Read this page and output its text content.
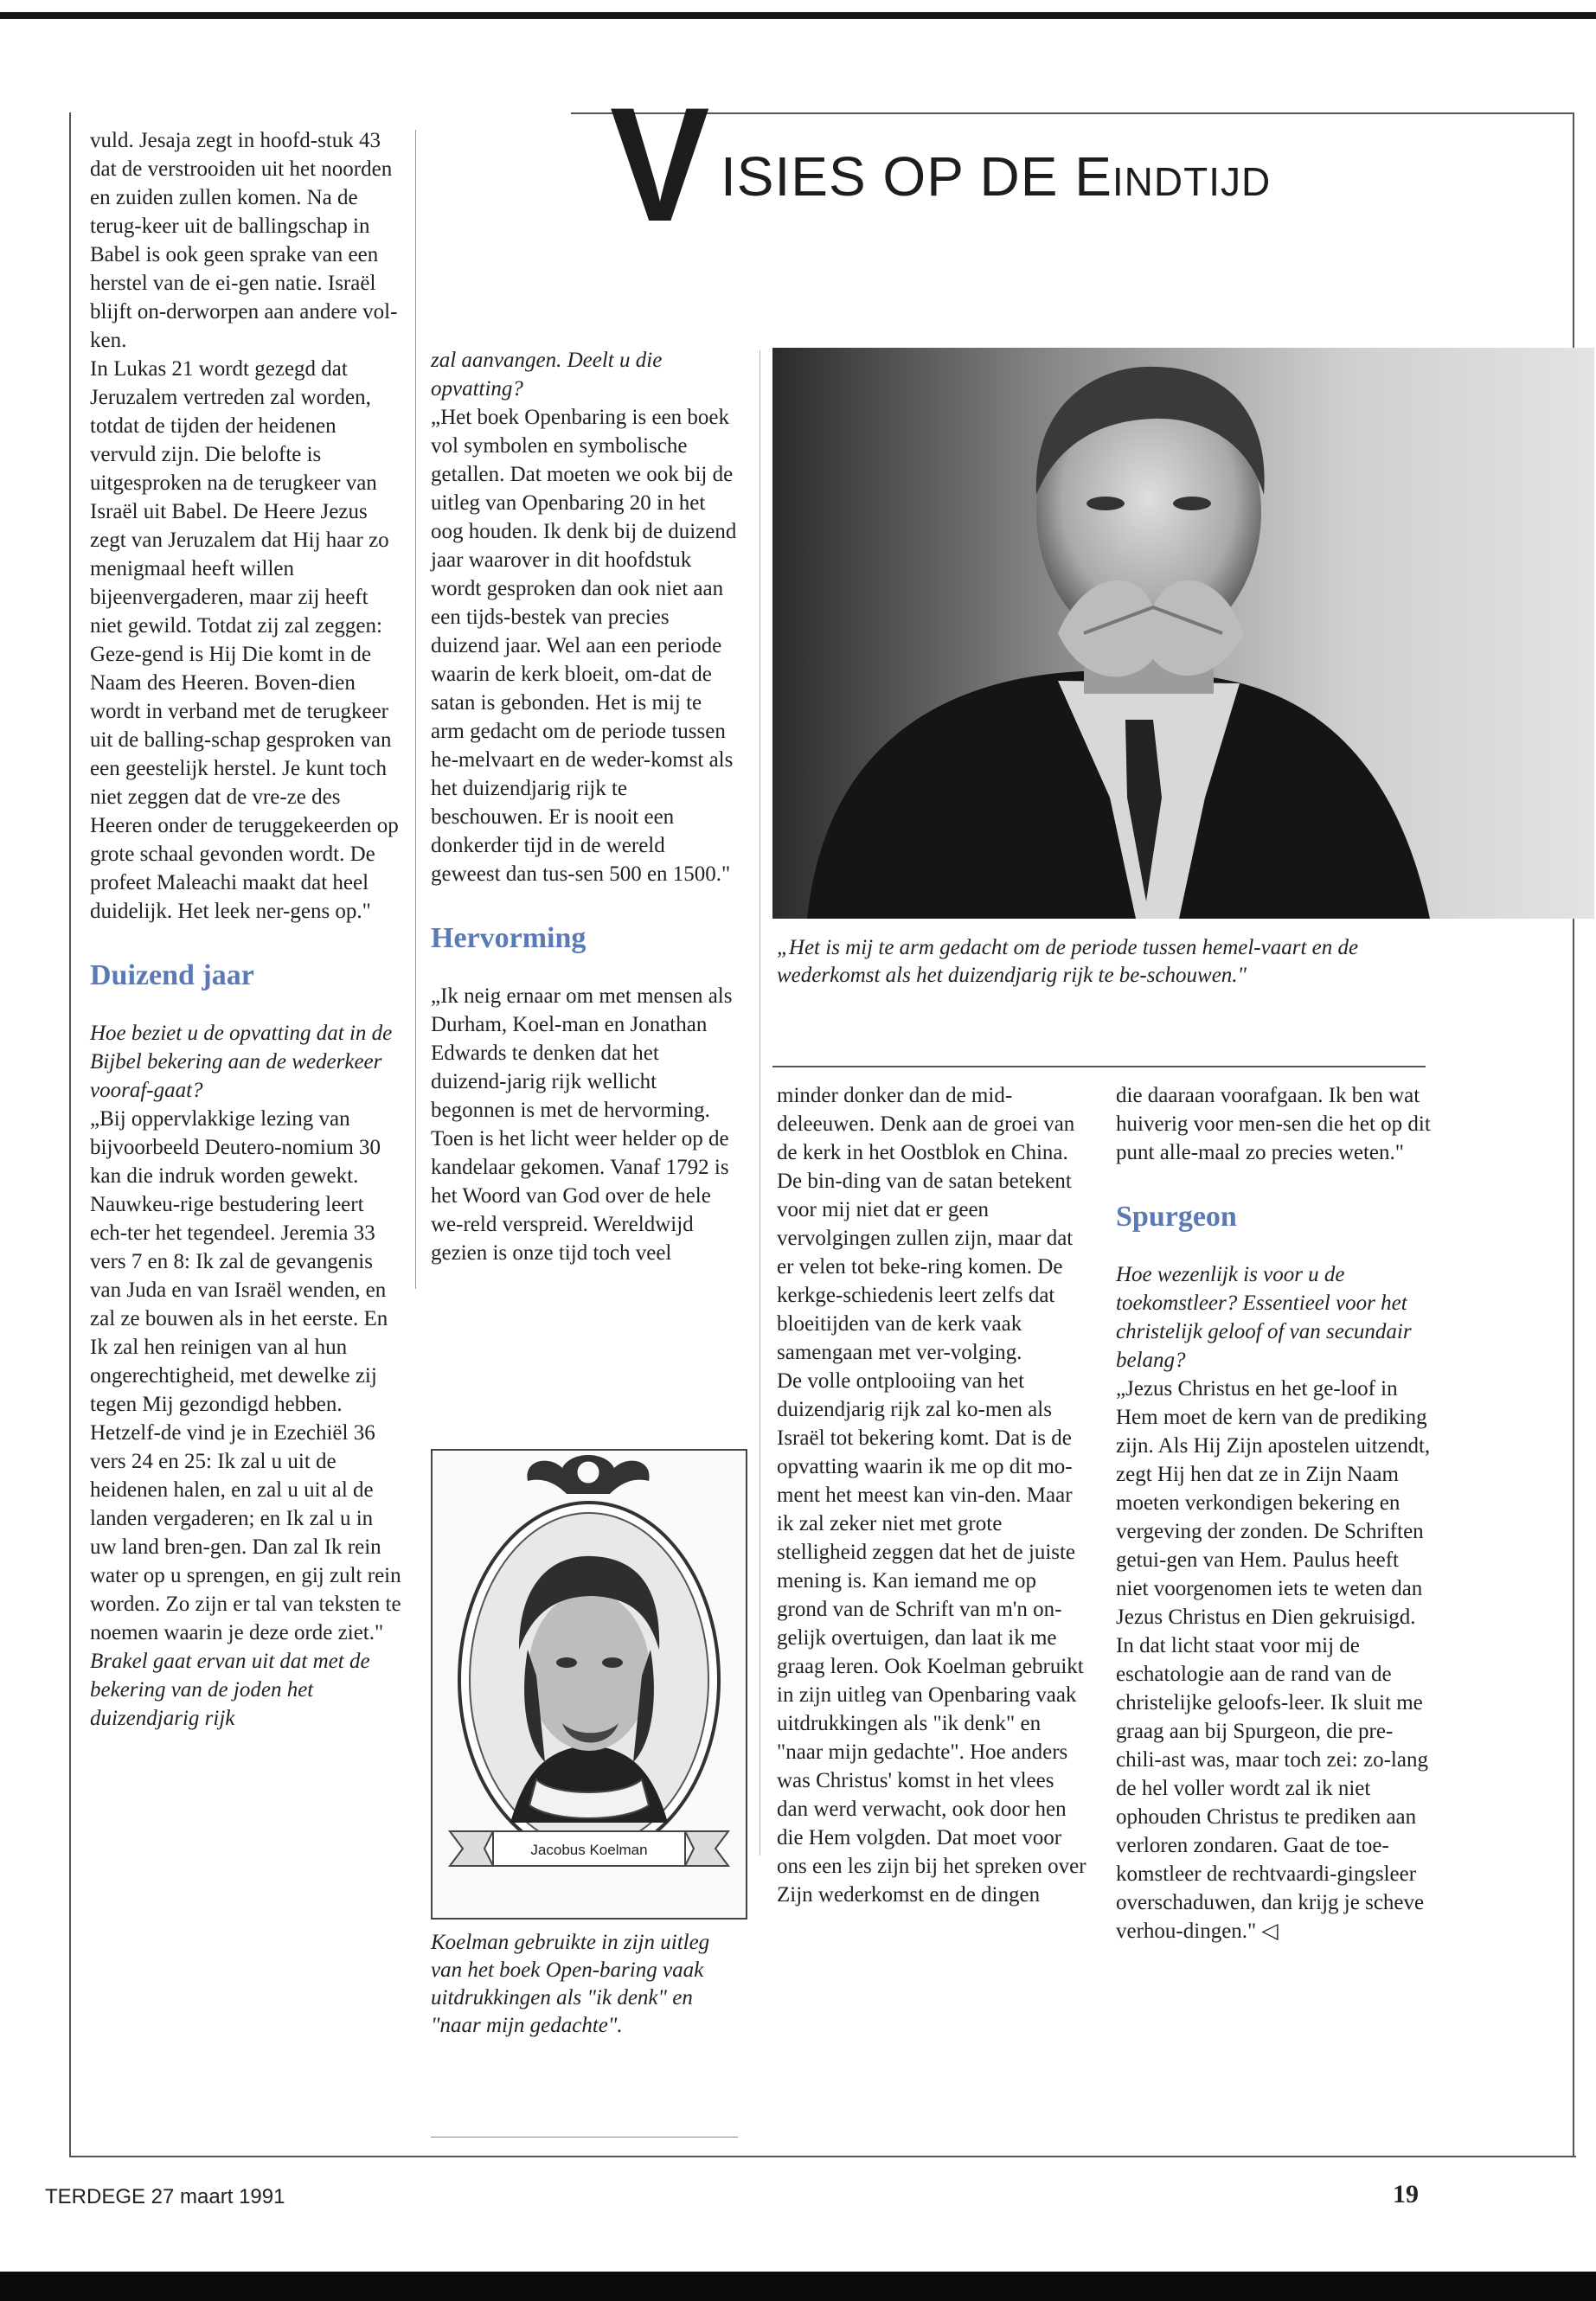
V ISIES OP DE EINDTIJD

vuld. Jesaja zegt in hoofd-stuk 43 dat de verstrooiden uit het noorden en zuiden zullen komen. Na de terug-keer uit de ballingschap in Babel is ook geen sprake van een herstel van de ei-gen natie. Israël blijft on-derworpen aan andere vol-ken.

In Lukas 21 wordt gezegd dat Jeruzalem vertreden zal worden, totdat de tijden der heidenen vervuld zijn. Die belofte is uitgesproken na de terugkeer van Israël uit Babel. De Heere Jezus zegt van Jeruzalem dat Hij haar zo menigmaal heeft willen bijeenvergaderen, maar zij heeft niet gewild. Totdat zij zal zeggen: Geze-gend is Hij Die komt in de Naam des Heeren. Boven-dien wordt in verband met de terugkeer uit de balling-schap gesproken van een geestelijk herstel. Je kunt toch niet zeggen dat de vre-ze des Heeren onder de teruggekeerden op grote schaal gevonden wordt. De profeet Maleachi maakt dat heel duidelijk. Het leek ner-gens op."

Duizend jaar

Hoe beziet u de opvatting dat in de Bijbel bekering aan de wederkeer vooraf-gaat?

„Bij oppervlakkige lezing van bijvoorbeeld Deutero-nomium 30 kan die indruk worden gewekt. Nauwkeu-rige bestudering leert ech-ter het tegendeel. Jeremia 33 vers 7 en 8: Ik zal de gevangenis van Juda en van Israël wenden, en zal ze bouwen als in het eerste. En Ik zal hen reinigen van al hun ongerechtigheid, met dewelke zij tegen Mij gezondigd hebben. Hetzelf-de vind je in Ezechiël 36 vers 24 en 25: Ik zal u uit de heidenen halen, en zal u uit al de landen vergaderen; en Ik zal u in uw land bren-gen. Dan zal Ik rein water op u sprengen, en gij zult rein worden. Zo zijn er tal van teksten te noemen waarin je deze orde ziet."

Brakel gaat ervan uit dat met de bekering van de joden het duizendjarig rijk

zal aanvangen. Deelt u die opvatting?

„Het boek Openbaring is een boek vol symbolen en symbolische getallen. Dat moeten we ook bij de uitleg van Openbaring 20 in het oog houden. Ik denk bij de duizend jaar waarover in dit hoofdstuk wordt gesproken dan ook niet aan een tijds-bestek van precies duizend jaar. Wel aan een periode waarin de kerk bloeit, om-dat de satan is gebonden. Het is mij te arm gedacht om de periode tussen he-melvaart en de weder-komst als het duizendjarig rijk te beschouwen. Er is nooit een donkerder tijd in de wereld geweest dan tus-sen 500 en 1500."

Hervorming

„Ik neig ernaar om met mensen als Durham, Koel-man en Jonathan Edwards te denken dat het duizend-jarig rijk wellicht begonnen is met de hervorming. Toen is het licht weer helder op de kandelaar gekomen. Vanaf 1792 is het Woord van God over de hele we-reld verspreid. Wereldwijd gezien is onze tijd toch veel

minder donker dan de mid-deleeuwen. Denk aan de groei van de kerk in het Oostblok en China. De bin-ding van de satan betekent voor mij niet dat er geen vervolgingen zullen zijn, maar dat er velen tot beke-ring komen. De kerkge-schiedenis leert zelfs dat bloeitijden van de kerk vaak samengaan met ver-volging.

De volle ontplooiing van het duizendjarig rijk zal ko-men als Israël tot bekering komt. Dat is de opvatting waarin ik me op dit mo-ment het meest kan vin-den. Maar ik zal zeker niet met grote stelligheid zeggen dat het de juiste mening is. Kan iemand me op grond van de Schrift van m'n on-gelijk overtuigen, dan laat ik me graag leren. Ook Koelman gebruikt in zijn uitleg van Openbaring vaak uitdrukkingen als "ik denk" en "naar mijn gedachte". Hoe anders was Christus' komst in het vlees dan werd verwacht, ook door hen die Hem volgden. Dat moet voor ons een les zijn bij het spreken over Zijn wederkomst en de dingen

die daaraan voorafgaan. Ik ben wat huiverig voor men-sen die het op dit punt alle-maal zo precies weten."

Spurgeon

Hoe wezenlijk is voor u de toekomstleer? Essentieel voor het christelijk geloof of van secundair belang?

„Jezus Christus en het ge-loof in Hem moet de kern van de prediking zijn. Als Hij Zijn apostelen uitzendt, zegt Hij hen dat ze in Zijn Naam moeten verkondigen bekering en vergeving der zonden. De Schriften getui-gen van Hem. Paulus heeft niet voorgenomen iets te weten dan Jezus Christus en Dien gekruisigd.

In dat licht staat voor mij de eschatologie aan de rand van de christelijke geloofs-leer. Ik sluit me graag aan bij Spurgeon, die pre-chili-ast was, maar toch zei: zo-lang de hel voller wordt zal ik niet ophouden Christus te prediken aan verloren zondaren. Gaat de toe-komstleer de rechtvaardi-gingsleer overschaduwen, dan krijg je scheve verhou-dingen." ◁

„Het is mij te arm gedacht om de periode tussen hemel-vaart en de wederkomst als het duizendjarig rijk te be-schouwen."
Jacobus Koelman
Koelman gebruikte in zijn uitleg van het boek Open-baring vaak uitdrukkingen als "ik denk" en "naar mijn gedachte".
TERDEGE 27 maart 1991	19
